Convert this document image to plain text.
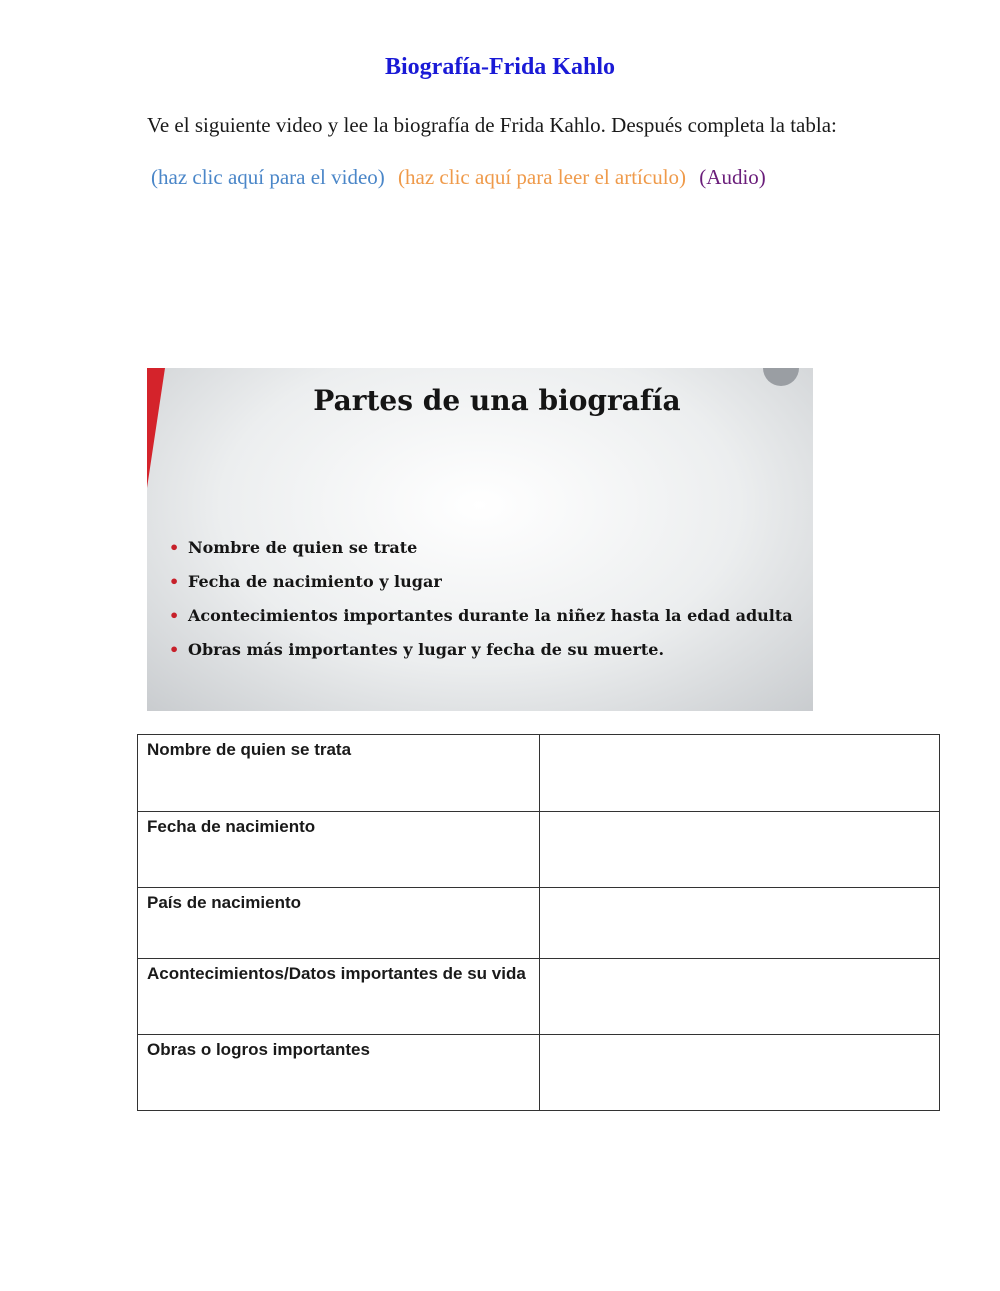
Biografía-Frida Kahlo
Ve el siguiente video y lee la biografía de Frida Kahlo. Después completa la tabla:
(haz clic aquí para el video) (haz clic aquí para leer el artículo) (Audio)
Partes de una biografía
• Nombre de quien se trate
• Fecha de nacimiento y lugar
• Acontecimientos importantes durante la niñez hasta la edad adulta
• Obras más importantes y lugar y fecha de su muerte.
Nombre de quien se trata	
Fecha de nacimiento	
País de nacimiento	
Acontecimientos/Datos importantes de su vida	
Obras o logros importantes	
